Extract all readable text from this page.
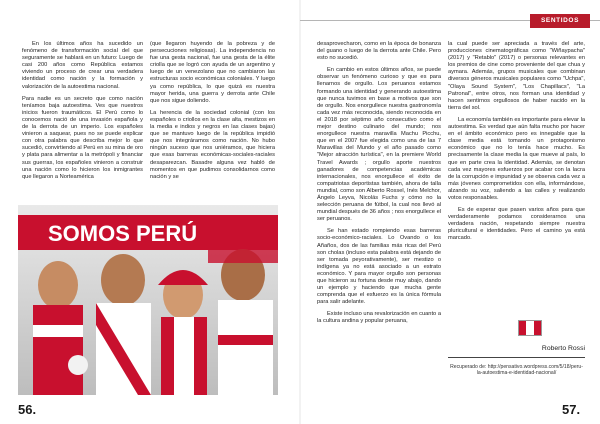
En los últimos años ha sucedido un fenómeno de transformación social del que seguramente se hablará en un futuro: Luego de casi 200 años como República estamos viviendo un proceso de crear una verdadera identidad como nación y la formación y valorización de la autoestima nacional.

Para nadie es un secreto que como nación teníamos baja autoestima. Ves que nuestros inicios fueron traumáticos. El Perú como lo conocemos nació de una invasión española y de la derrota de un imperio. Los españoles vinieron a saquear, pues no se puede explicar con otra palabra que describa mejor lo que sucedió, convirtiendo al Perú en su mina de oro y plata para alimentar a la metrópoli y financiar sus guerras, los españoles vinieron a construir una nación como lo hicieron los inmigrantes que llegaron a Norteamérica

(que llegaron huyendo de la pobreza y de persecuciones religiosas). La independencia no fue una gesta nacional, fue una gesta de la élite criolla que se logró con ayuda de un argentino y luego de un venezolano que no cambiaron las estructuras socio económicas coloniales. Y luego ya como república, lo que quizá es nuestra mayor herida, una guerra y derrota ante Chile que nos sigue doliendo.

La herencia de la sociedad colonial (con los españoles o criollos en la clase alta, mestizos en la media e indios y negros en las clases bajas) que se mantuvo luego de la república impidió que nos integráramos como nación. No hubo ningún suceso que nos uniéramos, que hiciera que esas barreras económicas-sociales-raciales desaparezcan. Basadre alguna vez habló de momentos en que pudimos consolidarnos como nación y se

SOMOS PERÚ
56.
SENTIDOS

desaprovecharon, como en la época de bonanza del guano o luego de la derrota ante Chile. Pero esto no sucedió.

En cambio en estos últimos años, se puede observar un fenómeno curioso y que es para llenarnos de orgullo. Los peruanos estamos formando una identidad y generando autoestima que nunca tuvimos en base a motivos que son de orgullo. Nos enorgullece nuestra gastronomía cada vez más reconocida, siendo reconocida en el 2018 por séptimo año consecutivo como el mejor destino culinario del mundo; nos enorgullece nuestra maravilla Machu Picchu, que en el 2007 fue elegida como una de las 7 Maravillas del Mundo y el año pasado como "Mejor atracción turística", en la premiere World Travel Awards ; orgullo aporte nuestros ganadores de competencias académicas internacionales, nos enorgullece el éxito de compatriotas deportistas también, ahora de talla mundial, como son Alberto Rossel, Inés Melchor, Ángelo Leyva, Nicolás Fuchs y cómo no la selección peruana de fútbol, la cual nos llevó al mundial después de 36 años ; nos enorgullece el ser peruanos.

Se han estado rompiendo esas barreras socio-económico-raciales. Lo Ovando o los Añaños, dos de las familias más ricas del Perú son cholas (incluso esta palabra está dejando de ser tomada peyorativamente), ser mestizo o indígena ya no está asociado a un estrato económico. Y para mayor orgullo son personas que hicieron su fortuna desde muy abajo, dando un ejemplo y haciendo que mucha gente comprenda que el esfuerzo es la única fórmula para salir adelante.

Existe incluso una revalorización en cuanto a la cultura andina y popular peruana,

la cual puede ser apreciada a través del arte, producciones cinematográficas como "Wiñaypacha" (2017) y "Retablo" (2017) o personas relevantes en los premios de cine como proveniente del que chua y aymara. Además, grupos musicales que combinan diversos géneros musicales populares como "Uchpa", "Olaya Sound System", "Los Chapillacs", "La Patronal", entre otros, nos forman una identidad y hacen sentirnos orgullosos de haber nacido en la tierra del sol.

La economía también es importante para elevar la autoestima. Es verdad que aún falta mucho por hacer en el ámbito económico pero es innegable que la clase media está tomando un protagonismo económico que no lo tenía hace mucho. Es precisamente la clase media la que mueve al país, lo que en parte crea la identidad. Además, se denotan cada vez mayores esfuerzos por acabar con la lacra de la corrupción e impunidad y se observa cada vez a más jóvenes comprometidos con ella, informándose, alzando su voz, saliendo a las calles y realizando votos responsables.

Es de esperar que pasen varios años para que verdaderamente podamos considerarnos una verdadera nación, respetando siempre nuestra pluricultural e identidades. Pero el camino ya está marcado.

Roberto Rossi
Recuperado de: http://pensativo.wordpress.com/5/18/peru-la-autoestima-e-identidad-nacional/
57.
